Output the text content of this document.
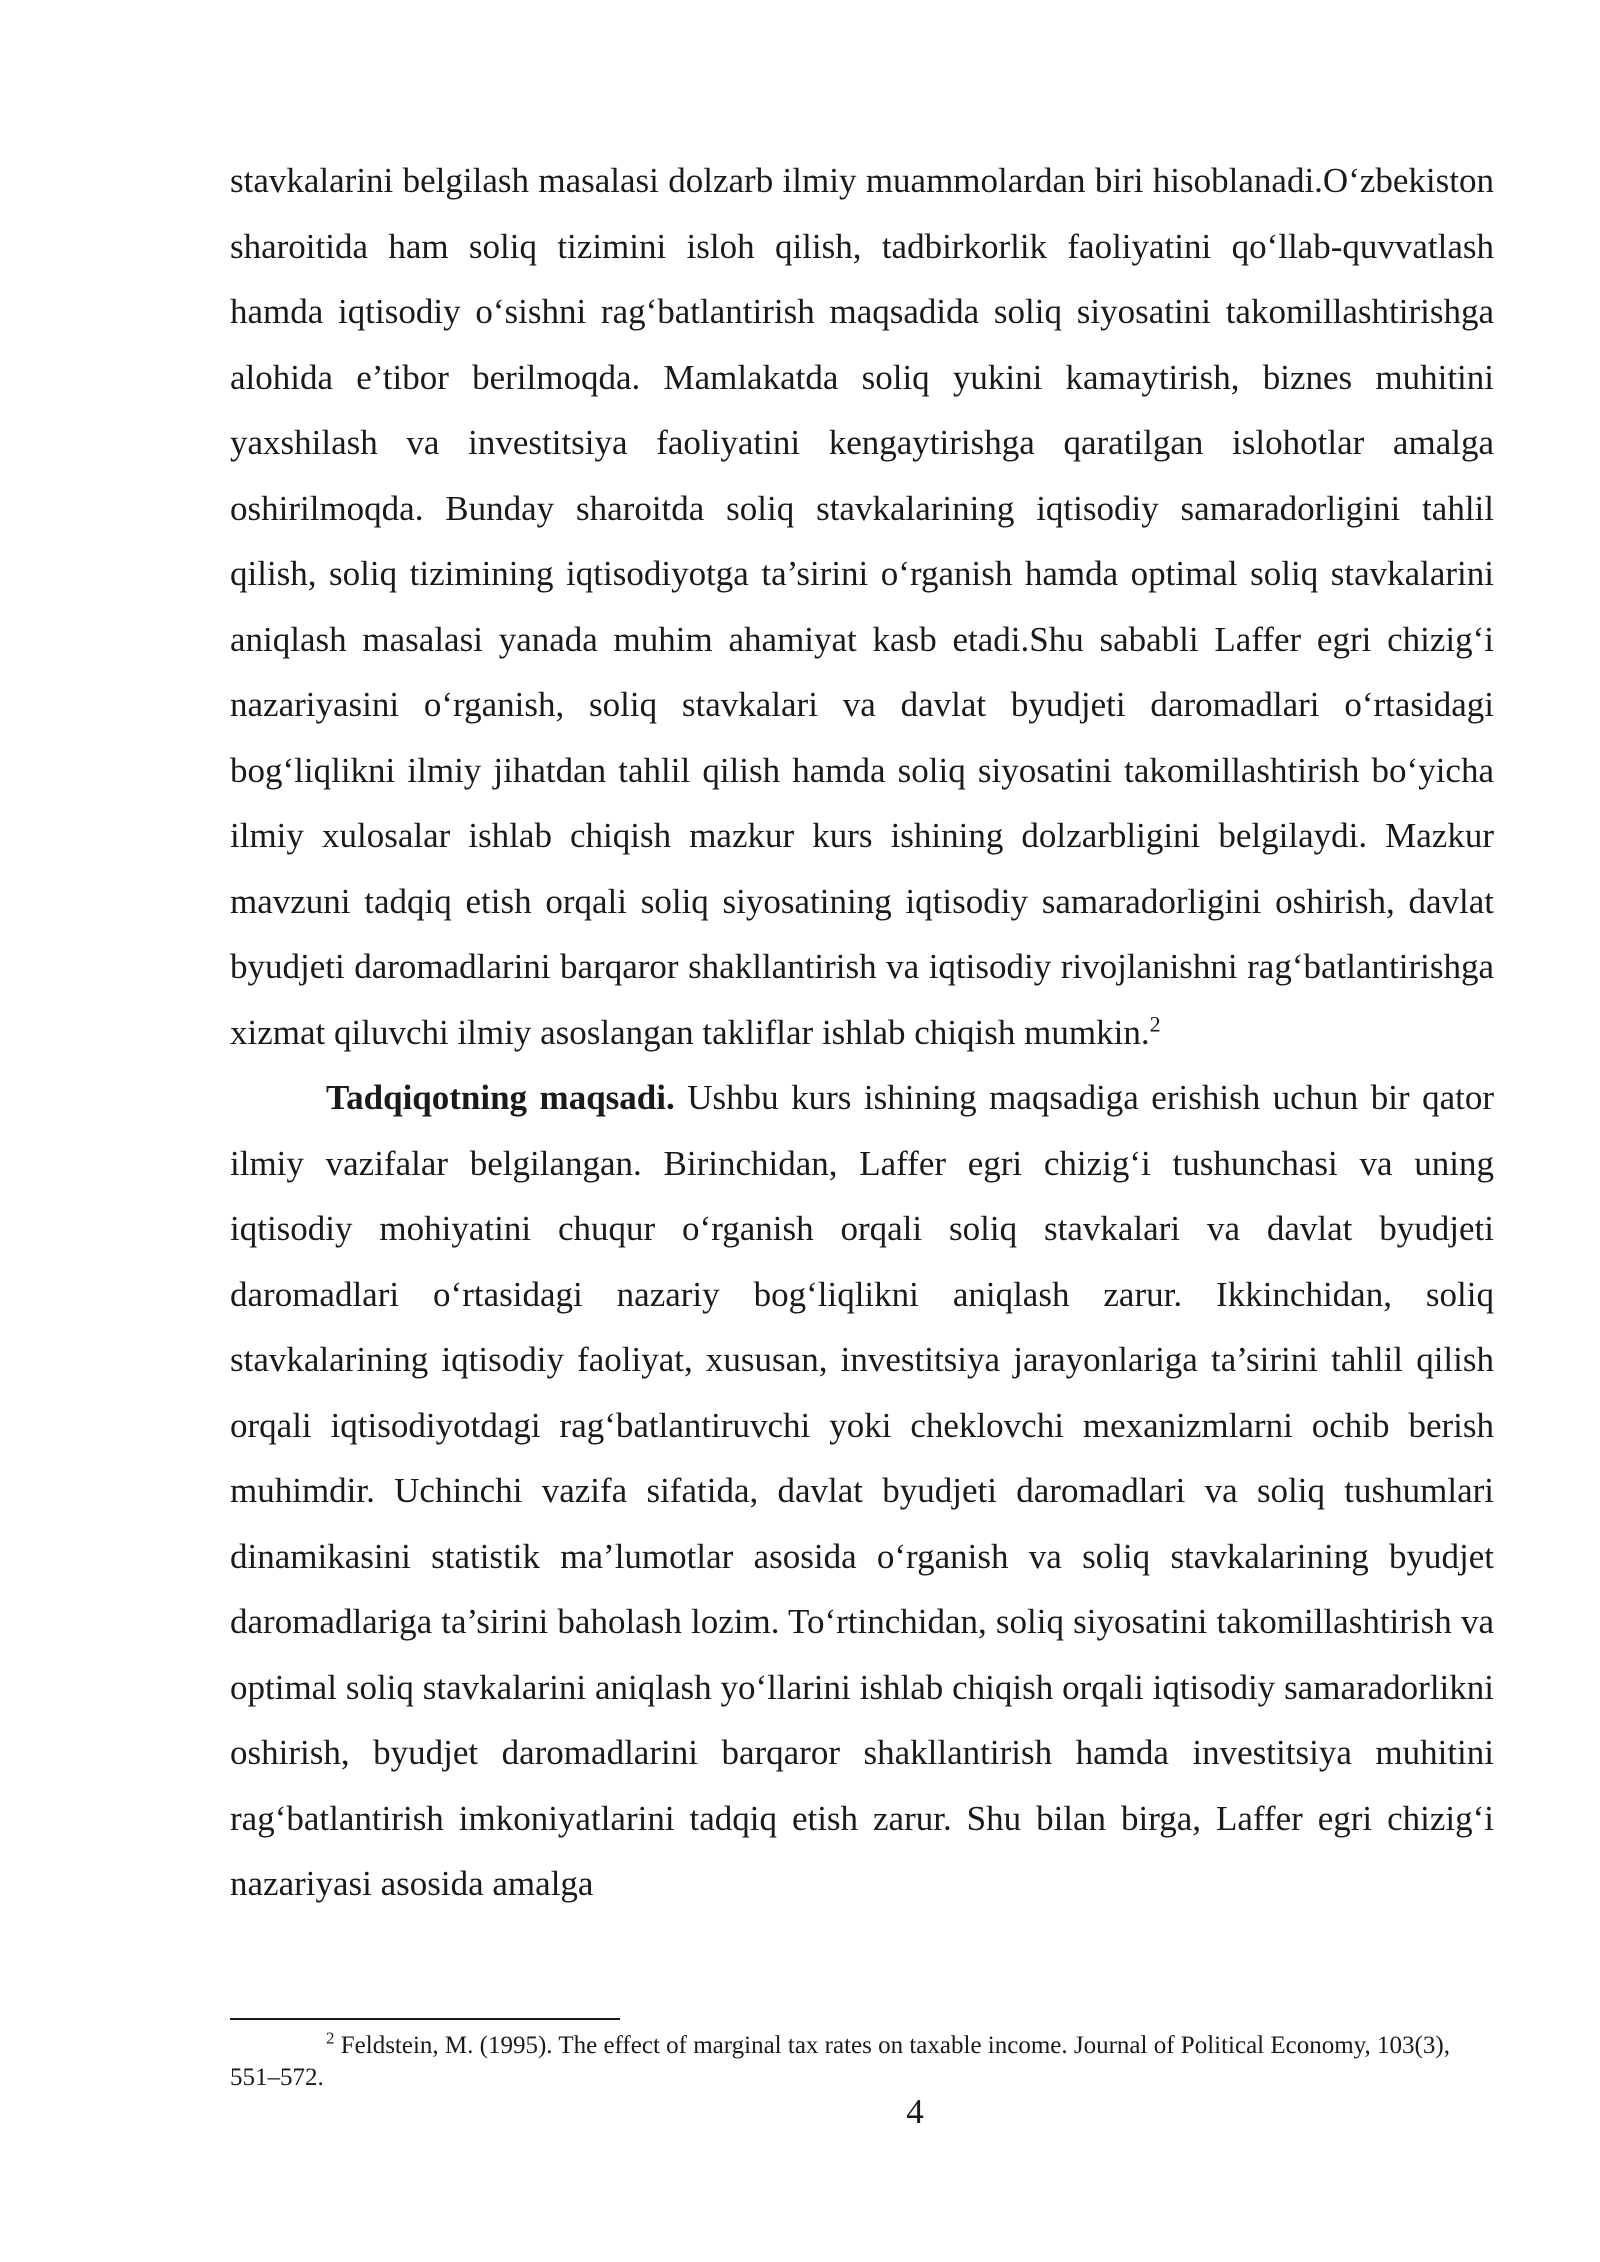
stavkalarini belgilash masalasi dolzarb ilmiy muammolardan biri hisoblanadi.O‘zbekiston sharoitida ham soliq tizimini isloh qilish, tadbirkorlik faoliyatini qo‘llab-quvvatlash hamda iqtisodiy o‘sishni rag‘batlantirish maqsadida soliq siyosatini takomillashtirishga alohida e’tibor berilmoqda. Mamlakatda soliq yukini kamaytirish, biznes muhitini yaxshilash va investitsiya faoliyatini kengaytirishga qaratilgan islohotlar amalga oshirilmoqda. Bunday sharoitda soliq stavkalarining iqtisodiy samaradorligini tahlil qilish, soliq tizimining iqtisodiyotga ta’sirini o‘rganish hamda optimal soliq stavkalarini aniqlash masalasi yanada muhim ahamiyat kasb etadi.Shu sababli Laffer egri chizig‘i nazariyasini o‘rganish, soliq stavkalari va davlat byudjeti daromadlari o‘rtasidagi bog‘liqlikni ilmiy jihatdan tahlil qilish hamda soliq siyosatini takomillashtirish bo‘yicha ilmiy xulosalar ishlab chiqish mazkur kurs ishining dolzarbligini belgilaydi. Mazkur mavzuni tadqiq etish orqali soliq siyosatining iqtisodiy samaradorligini oshirish, davlat byudjeti daromadlarini barqaror shakllantirish va iqtisodiy rivojlanishni rag‘batlantirishga xizmat qiluvchi ilmiy asoslangan takliflar ishlab chiqish mumkin.$^2$

Tadqiqotning maqsadi. Ushbu kurs ishining maqsadiga erishish uchun bir qator ilmiy vazifalar belgilangan. Birinchidan, Laffer egri chizig‘i tushunchasi va uning iqtisodiy mohiyatini chuqur o‘rganish orqali soliq stavkalari va davlat byudjeti daromadlari o‘rtasidagi nazariy bog‘liqlikni aniqlash zarur. Ikkinchidan, soliq stavkalarining iqtisodiy faoliyat, xususan, investitsiya jarayonlariga ta’sirini tahlil qilish orqali iqtisodiyotdagi rag‘batlantiruvchi yoki cheklovchi mexanizmlarni ochib berish muhimdir. Uchinchi vazifa sifatida, davlat byudjeti daromadlari va soliq tushumlari dinamikasini statistik ma’lumotlar asosida o‘rganish va soliq stavkalarining byudjet daromadlariga ta’sirini baholash lozim. To‘rtinchidan, soliq siyosatini takomillashtirish va optimal soliq stavkalarini aniqlash yo‘llarini ishlab chiqish orqali iqtisodiy samaradorlikni oshirish, byudjet daromadlarini barqaror shakllantirish hamda investitsiya muhitini rag‘batlantirish imkoniyatlarini tadqiq etish zarur. Shu bilan birga, Laffer egri chizig‘i nazariyasi asosida amalga

$^2$ Feldstein, M. (1995). The effect of marginal tax rates on taxable income. Journal of Political Economy, 103(3), 551–572.

4
